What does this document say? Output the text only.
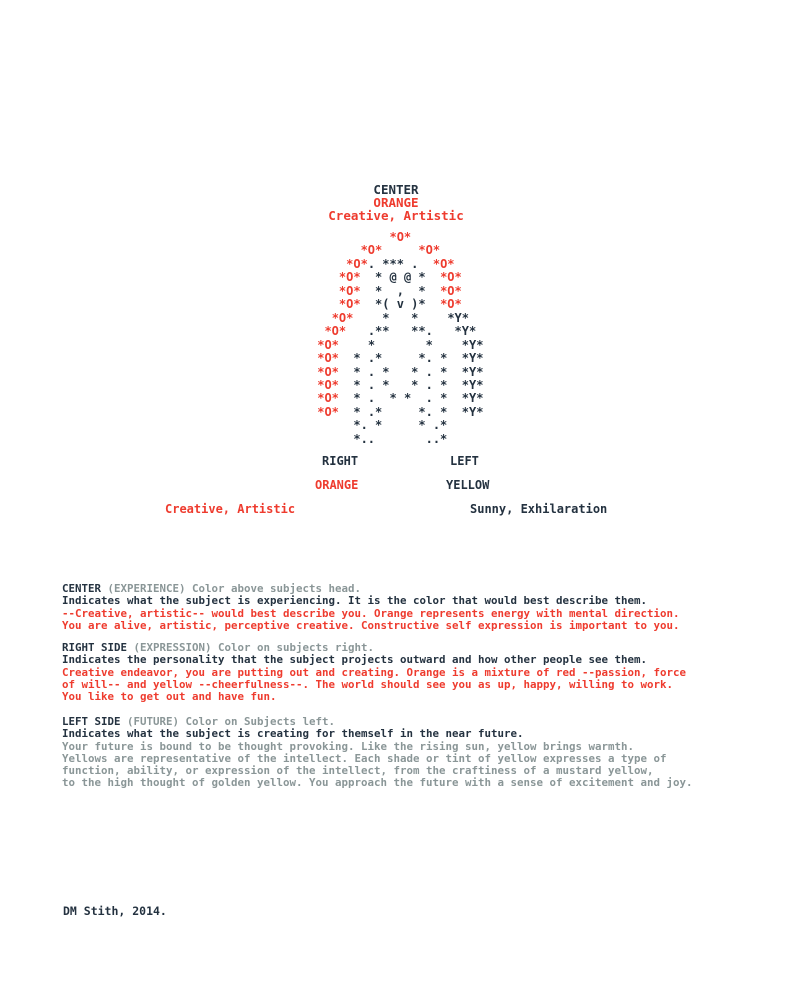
CENTER
ORANGE
Creative, Artistic
*O*
*O*	*O*
*O*. *** . *O*
*O* * @ @ * *O*
*O* *  ,  * *O*
*O* *( v )* *O*
*O* *   * *Y*
*O* .**   **. *Y*
*O* *       * *Y*
*O* * .*     *. * *Y*
*O* * . *   * . * *Y*
*O* * . *   * . * *Y*
*O* * .  * *  . * *Y*
*O* * .*     *. * *Y*
*. *     * .*
*..       ..*
RIGHT	LEFT
ORANGE	YELLOW
Creative, Artistic	Sunny, Exhilaration
CENTER (EXPERIENCE) Color above subjects head.
Indicates what the subject is experiencing. It is the color that would best describe them.
--Creative, artistic-- would best describe you. Orange represents energy with mental direction.
You are alive, artistic, perceptive creative. Constructive self expression is important to you.
RIGHT SIDE (EXPRESSION) Color on subjects right.
Indicates the personality that the subject projects outward and how other people see them.
Creative endeavor, you are putting out and creating. Orange is a mixture of red --passion, force
of will-- and yellow --cheerfulness--. The world should see you as up, happy, willing to work.
You like to get out and have fun.
LEFT SIDE (FUTURE) Color on Subjects left.
Indicates what the subject is creating for themself in the near future.
Your future is bound to be thought provoking. Like the rising sun, yellow brings warmth.
Yellows are representative of the intellect. Each shade or tint of yellow expresses a type of
function, ability, or expression of the intellect, from the craftiness of a mustard yellow,
to the high thought of golden yellow. You approach the future with a sense of excitement and joy.
DM Stith, 2014.
